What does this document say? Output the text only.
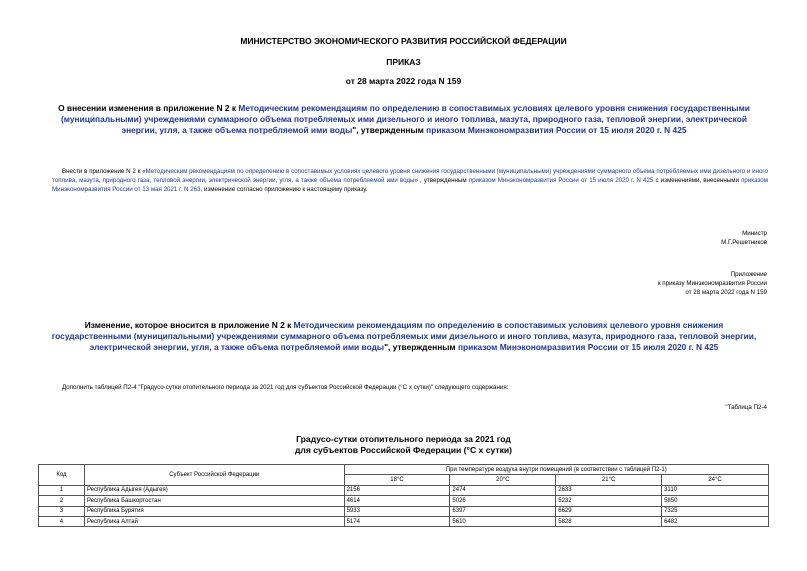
МИНИСТЕРСТВО ЭКОНОМИЧЕСКОГО РАЗВИТИЯ РОССИЙСКОЙ ФЕДЕРАЦИИ
ПРИКАЗ
от 28 марта 2022 года N 159
О внесении изменения в приложение N 2 к Методическим рекомендациям по определению в сопоставимых условиях целевого уровня снижения государственными (муниципальными) учреждениями суммарного объема потребляемых ими дизельного и иного топлива, мазута, природного газа, тепловой энергии, электрической энергии, угля, а также объема потребляемой ими воды", утвержденным приказом Минэкономразвития России от 15 июля 2020 г. N 425
Внести в приложение N 2 к «Методическим рекомендациям по определению в сопоставимых условиях целевого уровня снижения государственными (муниципальными) учреждениями суммарного объема потребляемых ими дизельного и иного топлива, мазута, природного газа, тепловой энергии, электрической энергии, угля, а также объема потребляемой ими воды» , утвержденным приказом Минэкономразвития России от 15 июля 2020 г. N 425 с изменениями, внесенными приказом Минэкономразвития России от 13 мая 2021 г. N 263, изменение согласно приложению к настоящему приказу.
Министр
М.Г.Решетников
Приложение
к приказу Минэкономразвития России
от 28 марта 2022 года N 159
Изменение, которое вносится в приложение N 2 к Методическим рекомендациям по определению в сопоставимых условиях целевого уровня снижения государственными (муниципальными) учреждениями суммарного объема потребляемых ими дизельного и иного топлива, мазута, природного газа, тепловой энергии, электрической энергии, угля, а также объема потребляемой ими воды", утвержденным приказом Минэкономразвития России от 15 июля 2020 г. N 425
Дополнить таблицей П2-4 "Градусо-сутки отопительного периода за 2021 год для субъектов Российской Федерации (°C x сутки)" следующего содержания:
"Таблица П2-4
Градусо-сутки отопительного периода за 2021 год
для субъектов Российской Федерации (°C x сутки)
Код	Субъект Российской Федерации	При температуре воздуха внутри помещений (в соответствии с таблицей П2-1)			
		18°C	20°C	21°C	24°C
1	Республика Адыгея (Адыгея)	2156	2474	2633	3110
2	Республика Башкортостан	4614	5026	5232	5850
3	Республика Бурятия	5933	6397	6629	7325
4	Республика Алтай	5174	5610	5828	6482
